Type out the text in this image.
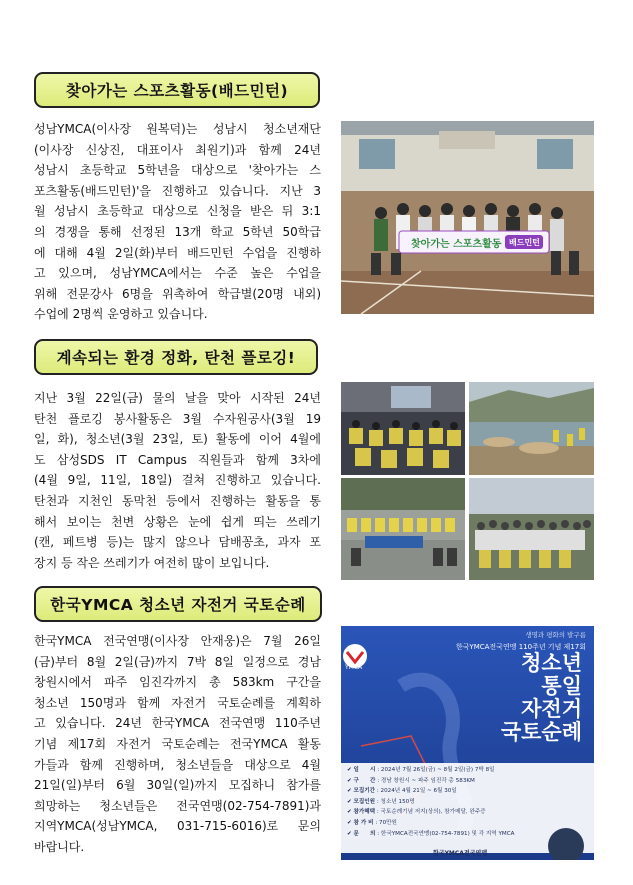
찾아가는 스포츠활동(배드민턴)
성남YMCA(이사장 원복덕)는 성남시 청소년재단
(이사장 신상진, 대표이사 최원기)과 함께 24년
성남시 초등학교 5학년을 대상으로 '찾아가는 스
포츠활동(배드민턴)'을 진행하고 있습니다. 지난 3
월 성남시 초등학교 대상으로 신청을 받은 뒤 3:1
의 경쟁을 통해 선정된 13개 학교 5학년 50학급
에 대해 4월 2일(화)부터 배드민턴 수업을 진행하
고 있으며, 성남YMCA에서는 수준 높은 수업을
위해 전문강사 6명을 위촉하여 학급별(20명 내외)
수업에 2명씩 운영하고 있습니다.
찾아가는 스포츠활동 배드민턴
계속되는 환경 정화, 탄천 플로깅!
지난 3월 22일(금) 물의 날을 맞아 시작된 24년
탄천 플로깅 봉사활동은 3월 수자원공사(3월 19
일, 화), 청소년(3월 23일, 토) 활동에 이어 4월에
도 삼성SDS IT Campus 직원들과 함께 3차에
(4월 9일, 11일, 18일) 걸쳐 진행하고 있습니다.
탄천과 지천인 동막천 등에서 진행하는 활동을 통
해서 보이는 천변 상황은 눈에 쉽게 띄는 쓰레기
(캔, 페트병 등)는 많지 않으나 담배꽁초, 과자 포
장지 등 작은 쓰레기가 여전히 많이 보입니다.
한국YMCA 청소년 자전거 국토순례
한국YMCA 전국연맹(이사장 안재웅)은 7월 26일
(금)부터 8월 2일(금)까지 7박 8일 일정으로 경남
창원시에서 파주 임진각까지 총 583km 구간을
청소년 150명과 함께 자전거 국토순례를 계획하
고 있습니다. 24년 한국YMCA 전국연맹 110주년
기념 제17회 자전거 국토순례는 전국YMCA 활동
가들과 함께 진행하며, 청소년들을 대상으로 4월
21일(일)부터 6월 30일(일)까지 모집하니 참가를
희망하는 청소년들은 전국연맹(02-754-7891)과
지역YMCA(성남YMCA, 031-715-6016)로 문의
바랍니다.
YMCA
생명과 평화의 발구름
한국YMCA전국연맹 110주년 기념 제17회
청소년
통일
자전거
국토순례
✔ 일　　시 : 2024년 7월 26일(금) ~ 8월 2일(금) 7박 8일
✔ 구　　간 : 경남 창원시 ~ 파주 임진각 총 583KM
✔ 모집기간 : 2024년 4월 21일 ~ 6월 30일
✔ 모집인원 : 청소년 150명
✔ 참가혜택 : 국토순례기념 저지(상의), 참가메달, 완주증
✔ 참 가 비 : 70만원
✔ 문　　의 : 한국YMCA전국연맹(02-754-7891) 및 각 지역 YMCA
한국YMCA전국연맹
